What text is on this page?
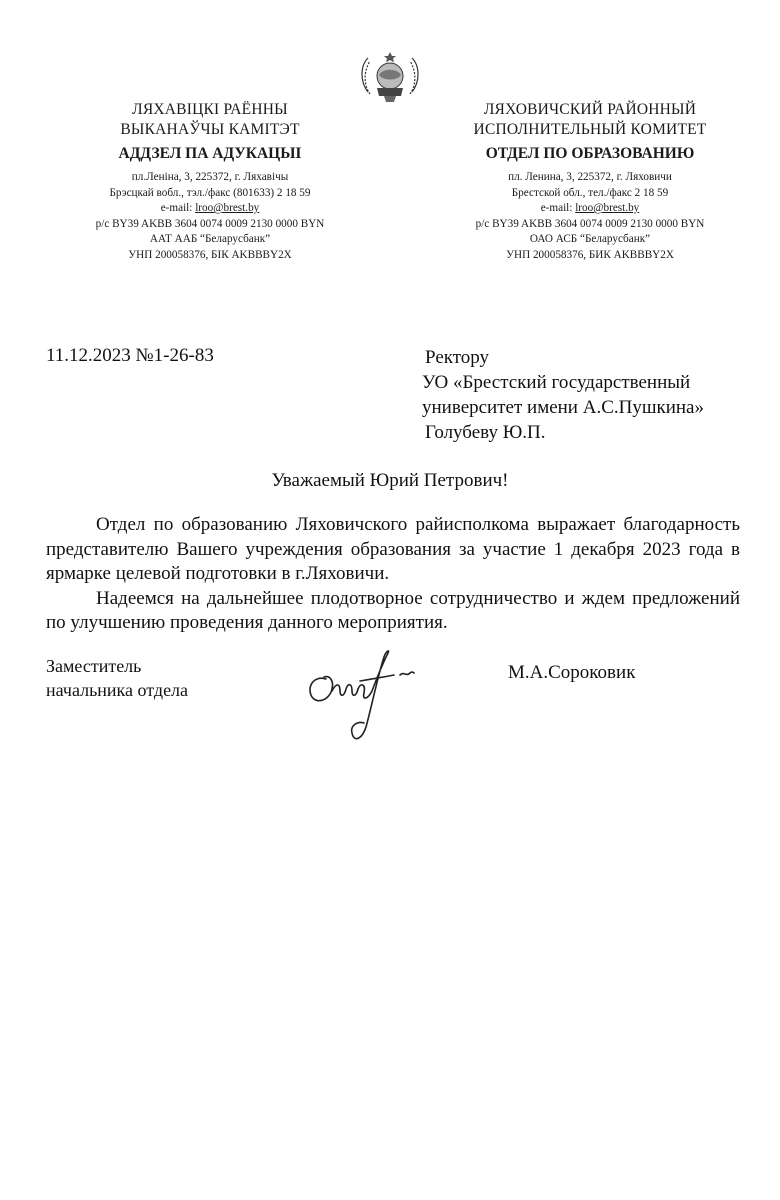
ЛЯХАВІЦКІ РАЁННЫ
ВЫКАНАЎЧЫ КАМІТЭТ
АДДЗЕЛ ПА АДУКАЦЫІ
пл.Леніна, 3, 225372, г. Ляхавічы
Брэсцкай вобл., тэл./факс (801633) 2 18 59
e-mail: lroo@brest.by
р/с BY39 AKBB 3604 0074 0009 2130 0000 BYN
ААТ ААБ “Беларусбанк”
УНП 200058376, БІК AKBBBY2X
ЛЯХОВИЧСКИЙ РАЙОННЫЙ
ИСПОЛНИТЕЛЬНЫЙ КОМИТЕТ
ОТДЕЛ ПО ОБРАЗОВАНИЮ
пл. Ленина, 3, 225372, г. Ляховичи
Брестской обл., тел./факс 2 18 59
e-mail: lroo@brest.by
р/с BY39 AKBB 3604 0074 0009 2130 0000 BYN
ОАО АСБ “Беларусбанк”
УНП 200058376, БИК AKBBBY2X
11.12.2023 №1-26-83	Ректору
УО «Брестский государственный
университет имени А.С.Пушкина»
Голубеву Ю.П.
Уважаемый Юрий Петрович!

Отдел по образованию Ляховичского райисполкома выражает благодарность представителю Вашего учреждения образования за участие 1 декабря 2023 года в ярмарке целевой подготовки в г.Ляховичи.

Надеемся на дальнейшее плодотворное сотрудничество и ждем предложений по улучшению проведения данного мероприятия.

Заместитель
начальника отдела
М.А.Сороковик
